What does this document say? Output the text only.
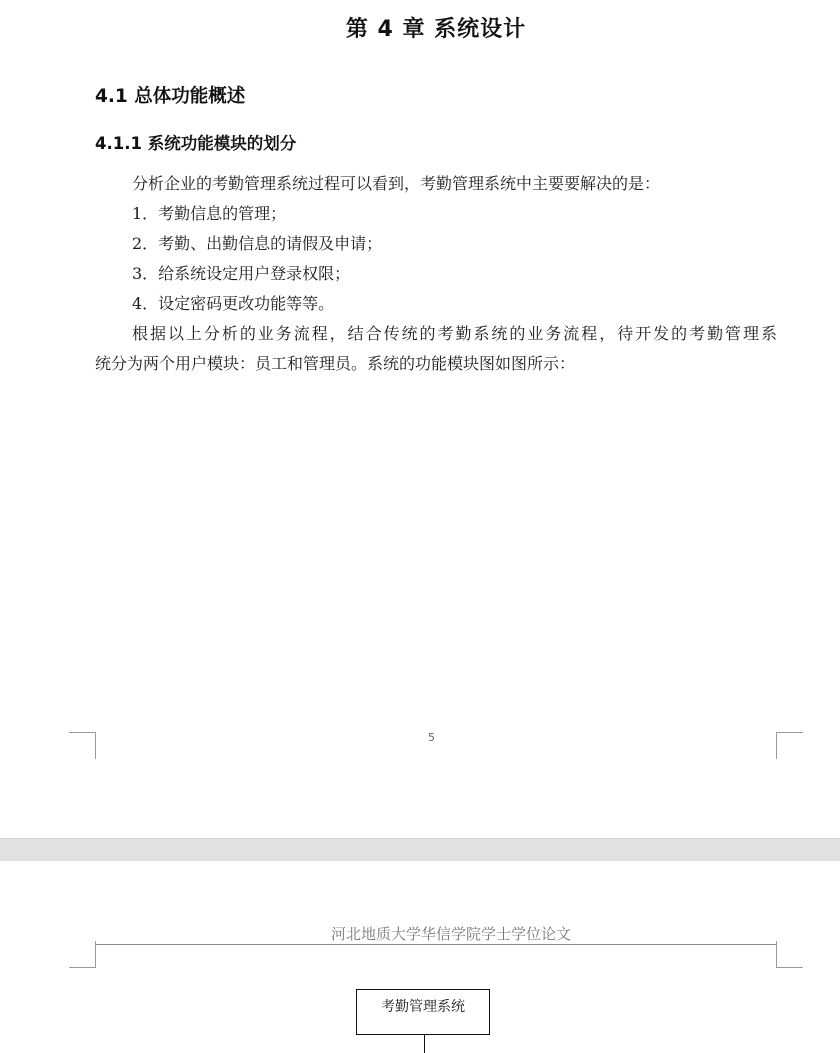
第 4 章 系统设计
4.1 总体功能概述
4.1.1 系统功能模块的划分
分析企业的考勤管理系统过程可以看到，考勤管理系统中主要要解决的是：
1．考勤信息的管理；
2．考勤、出勤信息的请假及申请；
3．给系统设定用户登录权限；
4．设定密码更改功能等等。
根据以上分析的业务流程，结合传统的考勤系统的业务流程，待开发的考勤管理系
统分为两个用户模块：员工和管理员。系统的功能模块图如图所示：
5
河北地质大学华信学院学士学位论文
考勤管理系统
